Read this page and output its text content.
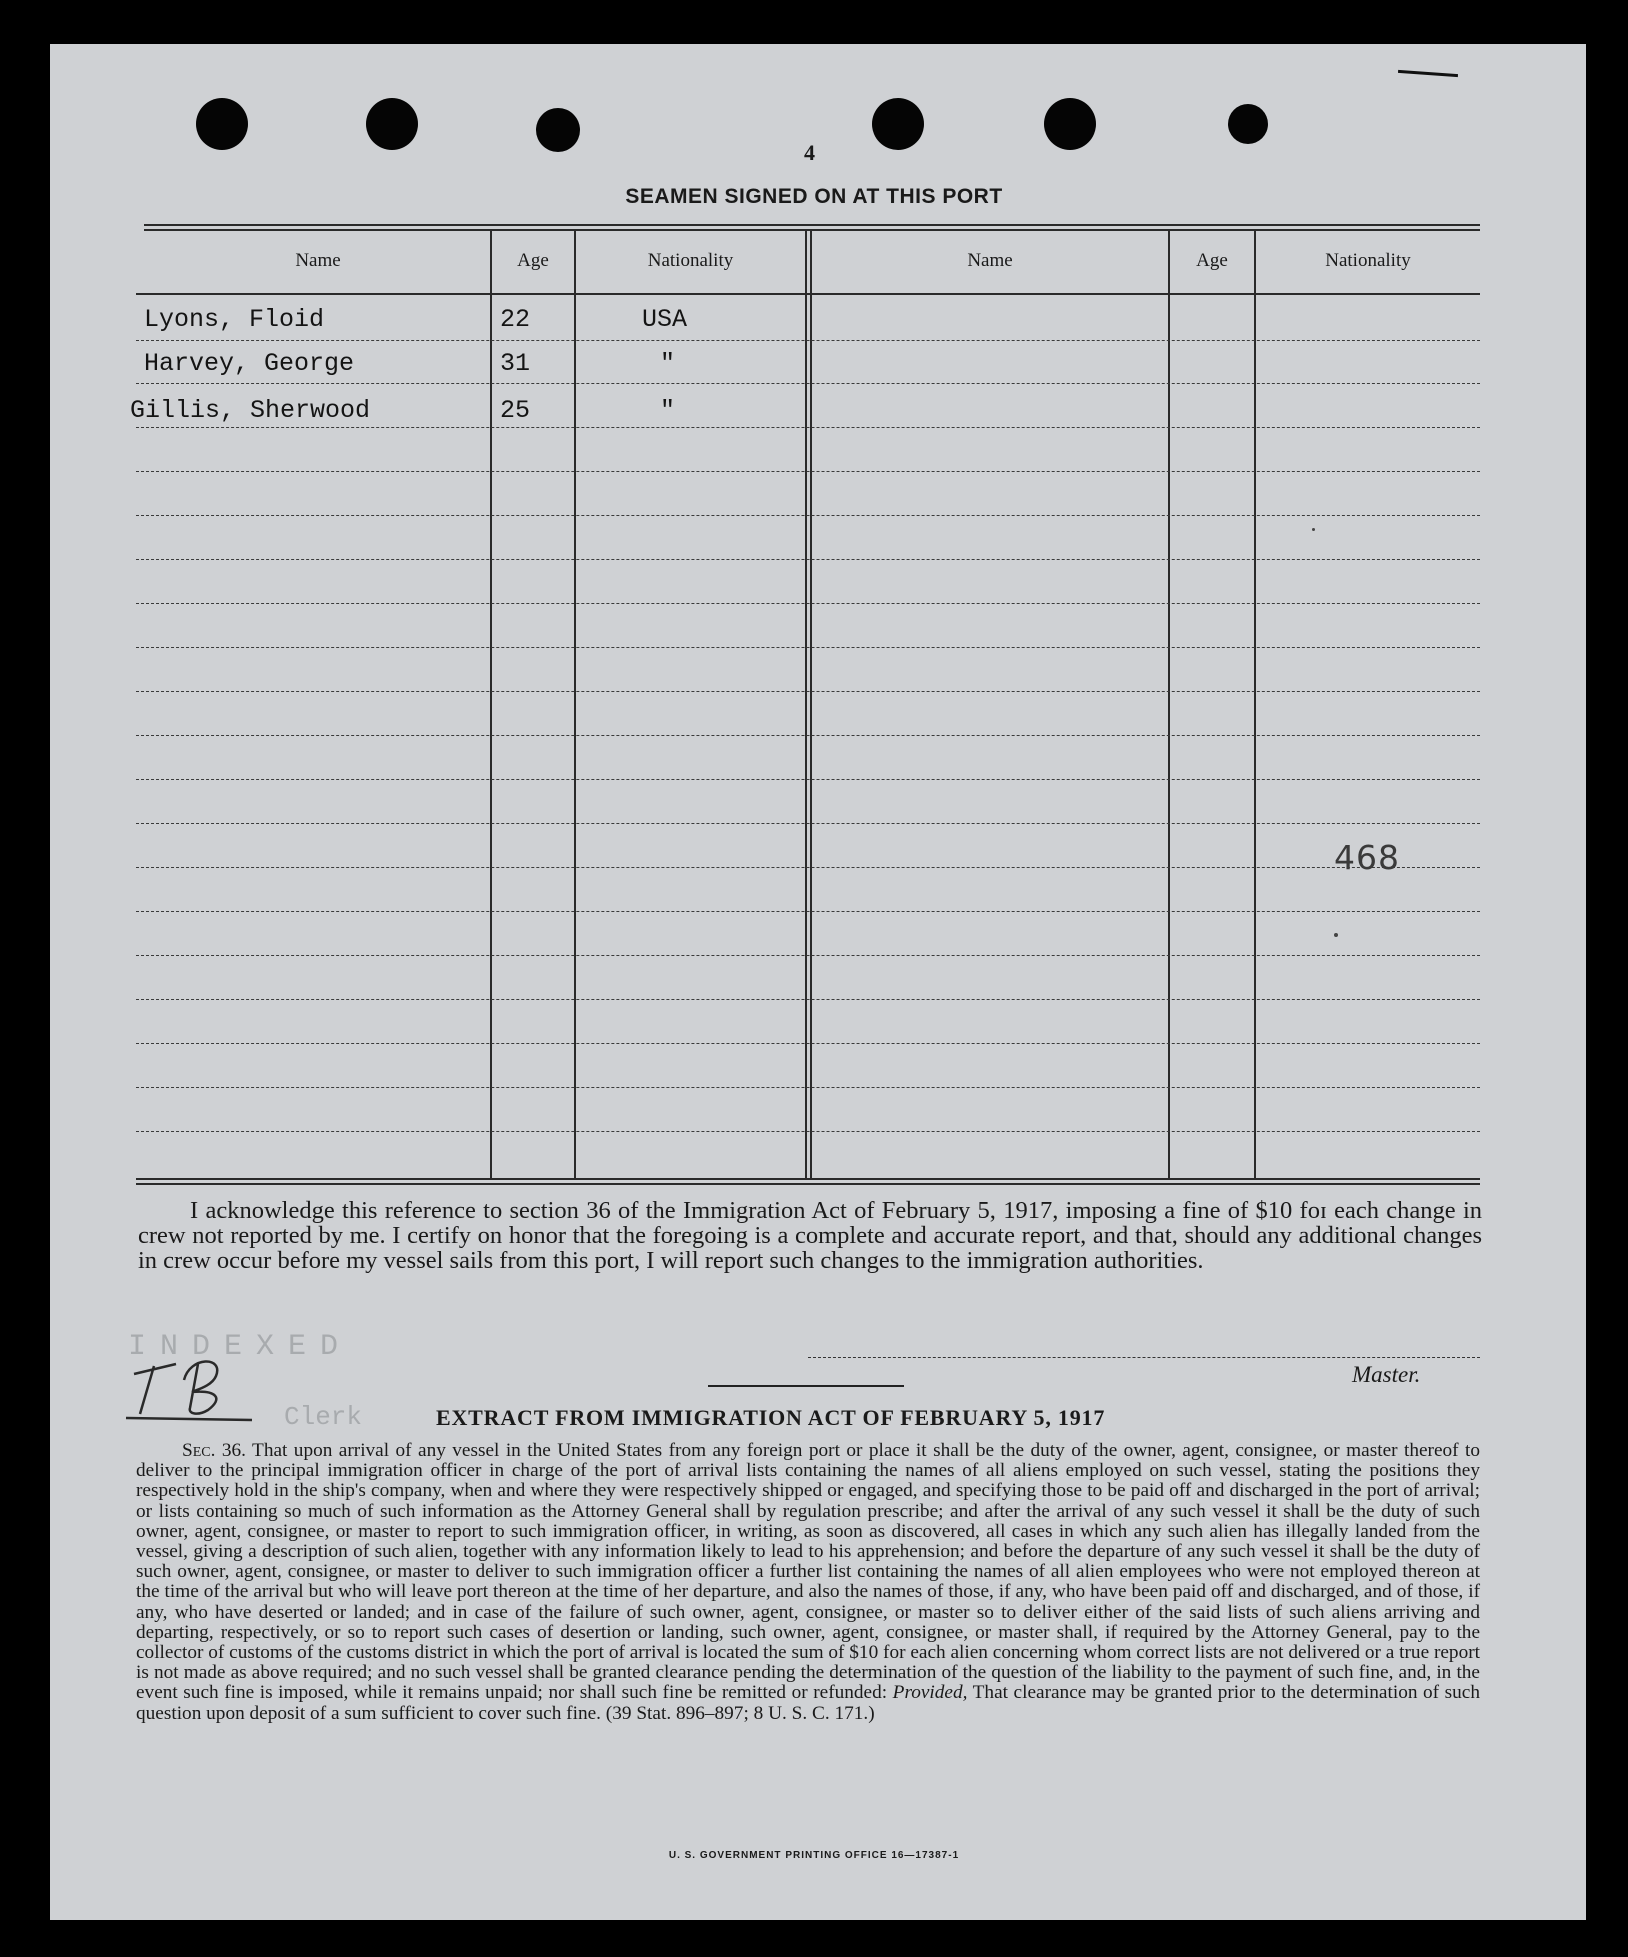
4
SEAMEN SIGNED ON AT THIS PORT
Name	Age	Nationality	Name	Age	Nationality
Lyons, Floid	22	USA
Harvey, George	31	"
Gillis, Sherwood	25	"
468
I acknowledge this reference to section 36 of the Immigration Act of February 5, 1917, imposing a fine of $10 foɪ each change in crew not reported by me. I certify on honor that the foregoing is a complete and accurate report, and that, should any additional changes in crew occur before my vessel sails from this port, I will report such changes to the immigration authorities.
Master.
INDEXED
Clerk	EXTRACT FROM IMMIGRATION ACT OF FEBRUARY 5, 1917
Sec. 36. That upon arrival of any vessel in the United States from any foreign port or place it shall be the duty of the owner, agent, consignee, or master thereof to deliver to the principal immigration officer in charge of the port of arrival lists containing the names of all aliens employed on such vessel, stating the positions they respectively hold in the ship's company, when and where they were respectively shipped or engaged, and specifying those to be paid off and discharged in the port of arrival; or lists containing so much of such information as the Attorney General shall by regulation prescribe; and after the arrival of any such vessel it shall be the duty of such owner, agent, consignee, or master to report to such immigration officer, in writing, as soon as discovered, all cases in which any such alien has illegally landed from the vessel, giving a description of such alien, together with any information likely to lead to his apprehension; and before the departure of any such vessel it shall be the duty of such owner, agent, consignee, or master to deliver to such immigration officer a further list containing the names of all alien employees who were not employed thereon at the time of the arrival but who will leave port thereon at the time of her departure, and also the names of those, if any, who have been paid off and discharged, and of those, if any, who have deserted or landed; and in case of the failure of such owner, agent, consignee, or master so to deliver either of the said lists of such aliens arriving and departing, respectively, or so to report such cases of desertion or landing, such owner, agent, consignee, or master shall, if required by the Attorney General, pay to the collector of customs of the customs district in which the port of arrival is located the sum of $10 for each alien concerning whom correct lists are not delivered or a true report is not made as above required; and no such vessel shall be granted clearance pending the determination of the question of the liability to the payment of such fine, and, in the event such fine is imposed, while it remains unpaid; nor shall such fine be remitted or refunded: Provided, That clearance may be granted prior to the determination of such question upon deposit of a sum sufficient to cover such fine. (39 Stat. 896–897; 8 U. S. C. 171.)
U. S. GOVERNMENT PRINTING OFFICE 16—17387-1
